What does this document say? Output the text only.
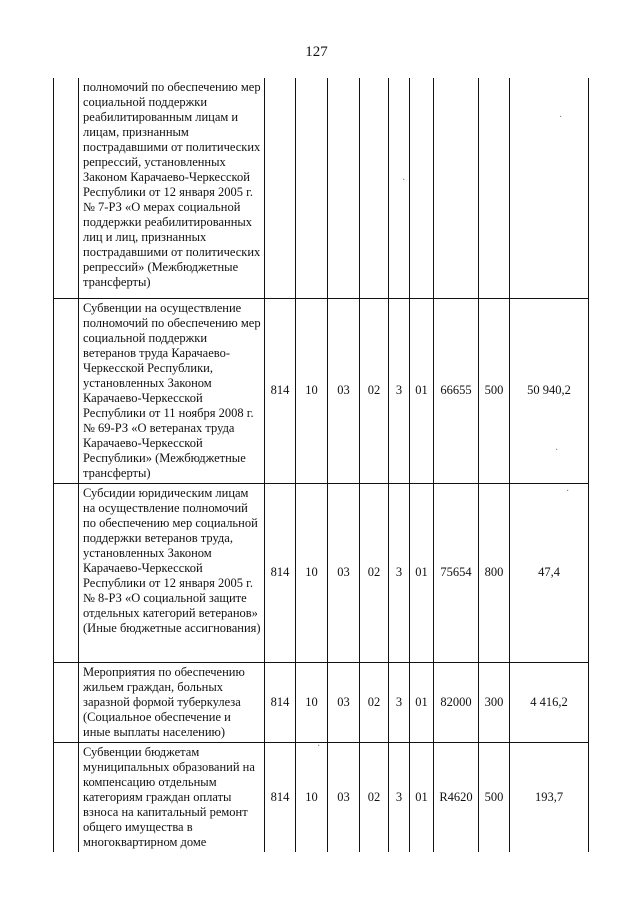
127
	полномочий по обеспечению мер социальной поддержки реабилитированным лицам и лицам, признанным пострадавшими от политических репрессий, установленных Законом Карачаево-Черкесской Республики от 12 января 2005 г. № 7-РЗ «О мерах социальной поддержки реабилитированных лиц и лиц, признанных пострадавшими от политических репрессий» (Межбюджетные трансферты)									
	Субвенции на осуществление полномочий по обеспечению мер социальной поддержки ветеранов труда Карачаево-Черкесской Республики, установленных Законом Карачаево-Черкесской Республики от 11 ноября 2008 г. № 69-РЗ «О ветеранах труда Карачаево-Черкесской Республики» (Межбюджетные трансферты)	814	10	03	02	3	01	66655	500	50 940,2
	Субсидии юридическим лицам на осуществление полномочий по обеспечению мер социальной поддержки ветеранов труда, установленных Законом Карачаево-Черкесской Республики от 12 января 2005 г. № 8-РЗ «О социальной защите отдельных категорий ветеранов» (Иные бюджетные ассигнования)	814	10	03	02	3	01	75654	800	47,4
	Мероприятия по обеспечению жильем граждан, больных заразной формой туберкулеза (Социальное обеспечение и иные выплаты населению)	814	10	03	02	3	01	82000	300	4 416,2
	Субвенции бюджетам муниципальных образований на компенсацию отдельным категориям граждан оплаты взноса на капитальный ремонт общего имущества в многоквартирном доме	814	10	03	02	3	01	R4620	500	193,7
·
·
·
·
·
